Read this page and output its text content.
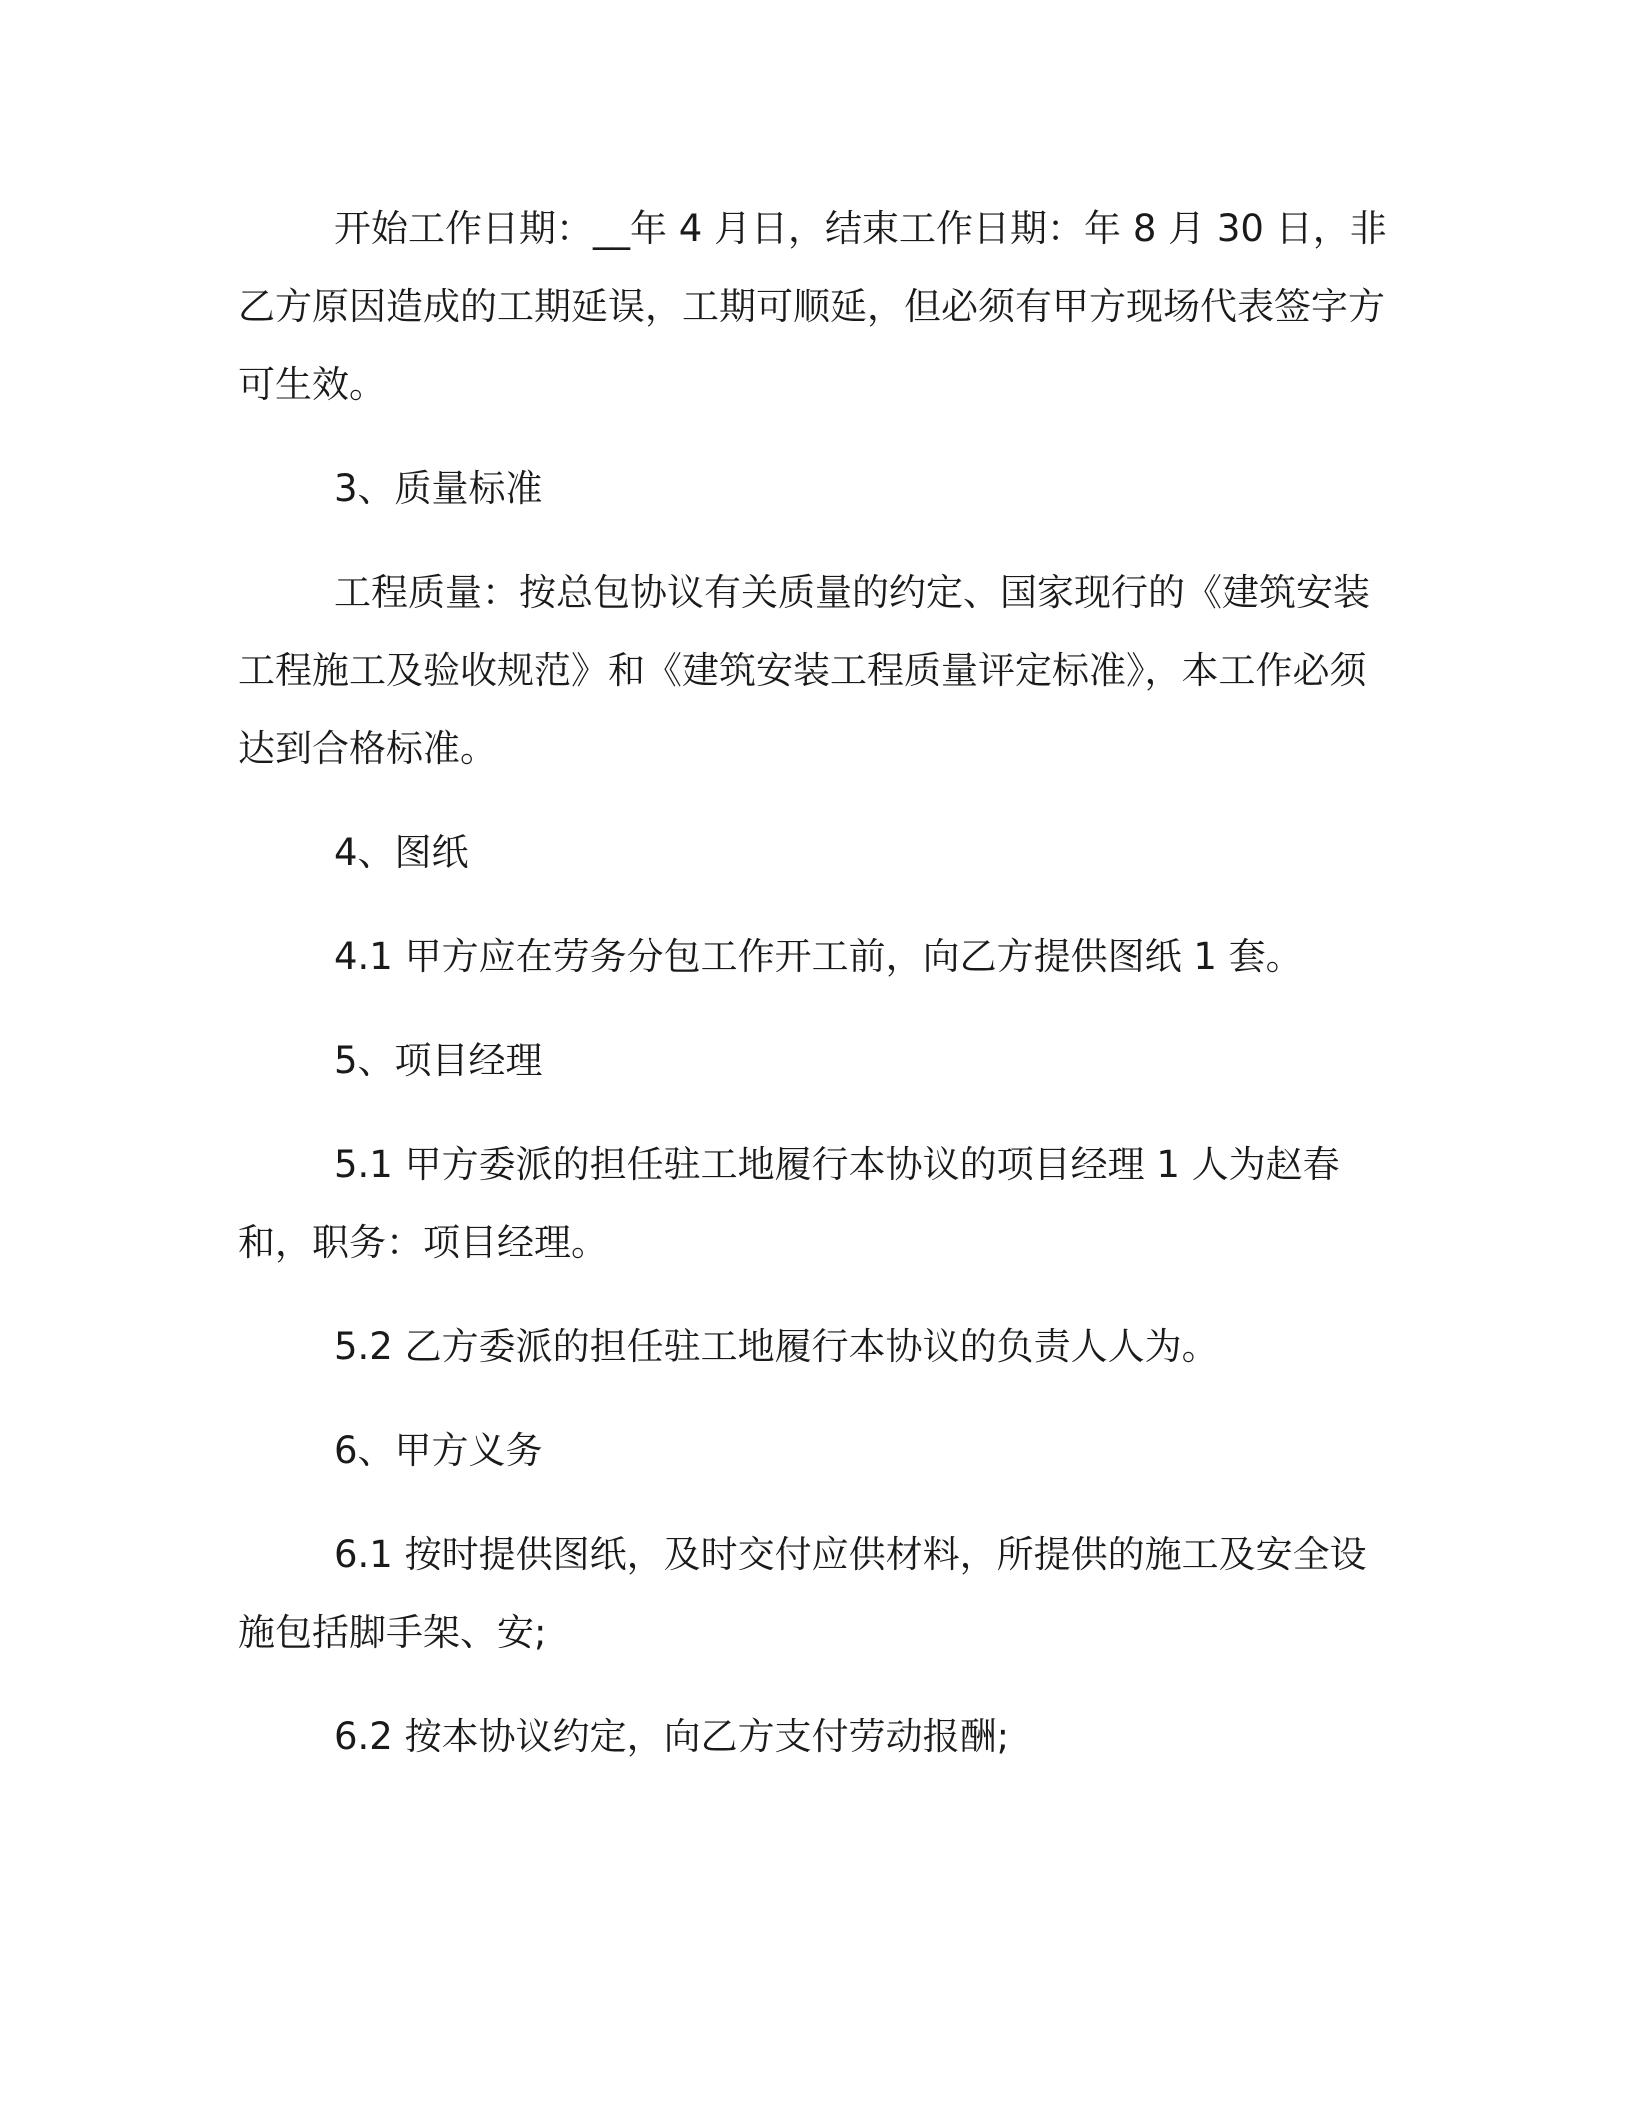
开始工作日期：__年 4 月日，结束工作日期：年 8 月 30 日，非乙方原因造成的工期延误，工期可顺延，但必须有甲方现场代表签字方可生效。

3、质量标准

工程质量：按总包协议有关质量的约定、国家现行的《建筑安装工程施工及验收规范》和《建筑安装工程质量评定标准》，本工作必须达到合格标准。

4、图纸

4.1 甲方应在劳务分包工作开工前，向乙方提供图纸 1 套。

5、项目经理

5.1 甲方委派的担任驻工地履行本协议的项目经理 1 人为赵春和，职务：项目经理。

5.2 乙方委派的担任驻工地履行本协议的负责人人为。

6、甲方义务

6.1 按时提供图纸，及时交付应供材料，所提供的施工及安全设施包括脚手架、安;

6.2 按本协议约定，向乙方支付劳动报酬;
